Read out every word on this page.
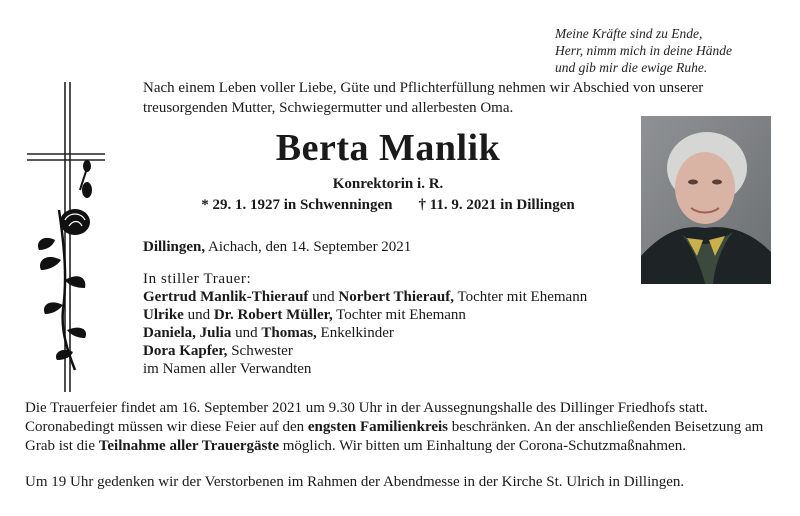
Meine Kräfte sind zu Ende,
Herr, nimm mich in deine Hände
und gib mir die ewige Ruhe.
Nach einem Leben voller Liebe, Güte und Pflichterfüllung nehmen wir Abschied von unserer treusorgenden Mutter, Schwiegermutter und allerbesten Oma.
Berta Manlik
Konrektorin i. R.
* 29. 1. 1927 in Schwenningen † 11. 9. 2021 in Dillingen
Dillingen, Aichach, den 14. September 2021
In stiller Trauer:
Gertrud Manlik-Thierauf und Norbert Thierauf, Tochter mit Ehemann
Ulrike und Dr. Robert Müller, Tochter mit Ehemann
Daniela, Julia und Thomas, Enkelkinder
Dora Kapfer, Schwester
im Namen aller Verwandten
Die Trauerfeier findet am 16. September 2021 um 9.30 Uhr in der Aussegnungshalle des Dillinger Friedhofs statt. Coronabedingt müssen wir diese Feier auf den engsten Familienkreis beschränken. An der anschließenden Beisetzung am Grab ist die Teilnahme aller Trauergäste möglich. Wir bitten um Einhaltung der Corona-Schutzmaßnahmen.
Um 19 Uhr gedenken wir der Verstorbenen im Rahmen der Abendmesse in der Kirche St. Ulrich in Dillingen.
